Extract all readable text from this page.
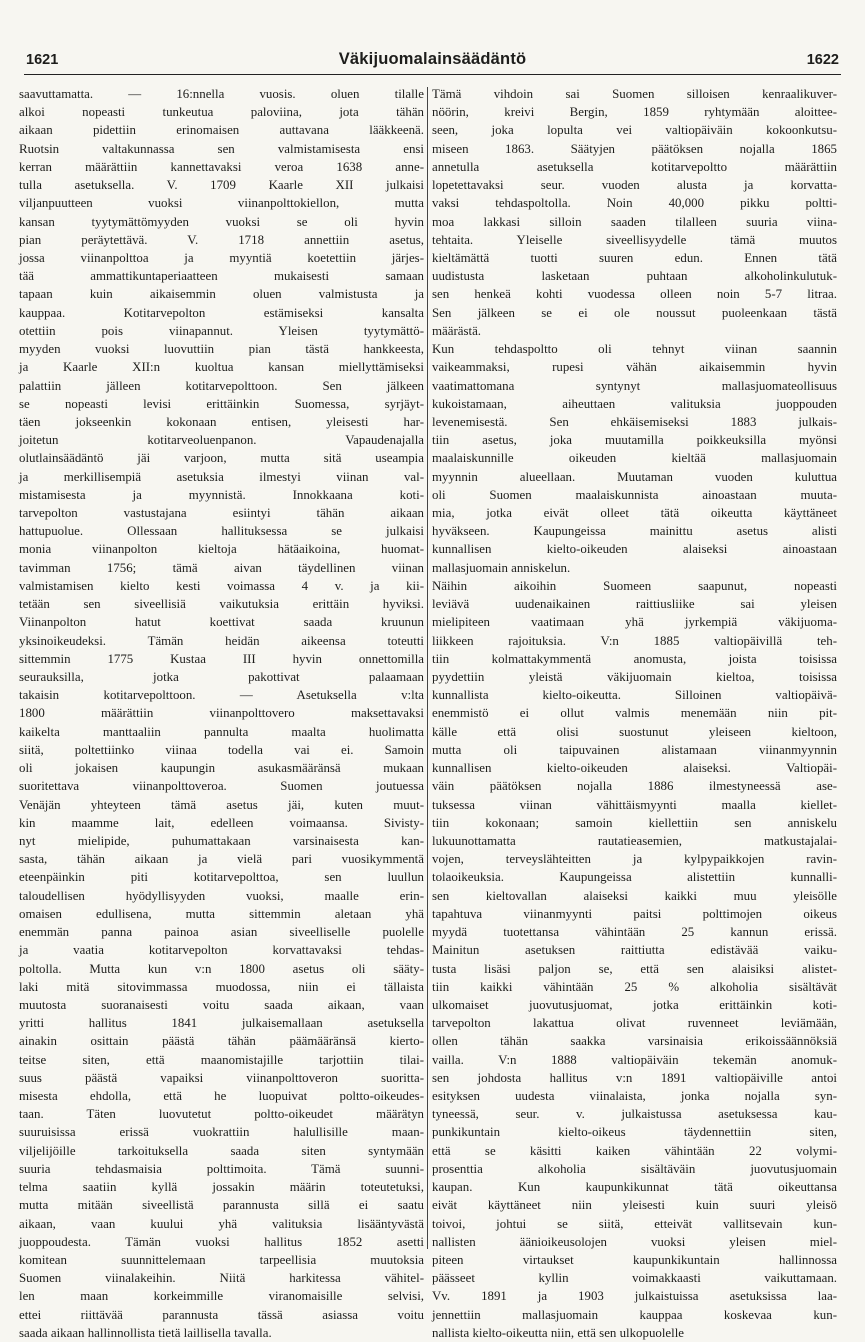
1621	Väkijuomalainsäädäntö	1622
saavuttamatta. — 16:nnella vuosis. oluen tilalle
alkoi nopeasti tunkeutua paloviina, jota tähän
aikaan pidettiin erinomaisen auttavana lääkkeenä.
Ruotsin valtakunnassa sen valmistamisesta ensi
kerran määrättiin kannettavaksi veroa 1638 anne-
tulla asetuksella. V. 1709 Kaarle XII julkaisi
viljanpuutteen vuoksi viinanpolttokiellon, mutta
kansan tyytymättömyyden vuoksi se oli hyvin
pian peräytettävä. V. 1718 annettiin asetus,
jossa viinanpolttoa ja myyntiä koetettiin järjes-
tää ammattikuntaperiaatteen mukaisesti samaan
tapaan kuin aikaisemmin oluen valmistusta ja
kauppaa. Kotitarvepolton estämiseksi kansalta
otettiin pois viinapannut. Yleisen tyytymättö-
myyden vuoksi luovuttiin pian tästä hankkeesta,
ja Kaarle XII:n kuoltua kansan miellyttämiseksi
palattiin jälleen kotitarvepolttoon. Sen jälkeen
se nopeasti levisi erittäinkin Suomessa, syrjäyt-
täen jokseenkin kokonaan entisen, yleisesti har-
joitetun kotitarveoluenpanon. Vapaudenajalla
olutlainsäädäntö jäi varjoon, mutta sitä useampia
ja merkillisempiä asetuksia ilmestyi viinan val-
mistamisesta ja myynnistä. Innokkaana koti-
tarvepolton vastustajana esiintyi tähän aikaan
hattupuolue. Ollessaan hallituksessa se julkaisi
monia viinanpolton kieltoja hätäaikoina, huomat-
tavimman 1756; tämä aivan täydellinen viinan
valmistamisen kielto kesti voimassa 4 v. ja kii-
tetään sen siveellisiä vaikutuksia erittäin hyviksi.
Viinanpolton hatut koettivat saada kruunun
yksinoikeudeksi. Tämän heidän aikeensa toteutti
sittemmin 1775 Kustaa III hyvin onnettomilla
seurauksilla, jotka pakottivat palaamaan
takaisin kotitarvepolttoon. — Asetuksella v:lta
1800 määrättiin viinanpolttovero maksettavaksi
kaikelta manttaaliin pannulta maalta huolimatta
siitä, poltettiinko viinaa todella vai ei. Samoin
oli jokaisen kaupungin asukasmääränsä mukaan
suoritettava viinanpolttoveroa. Suomen joutuessa
Venäjän yhteyteen tämä asetus jäi, kuten muut-
kin maamme lait, edelleen voimaansa. Sivisty-
nyt mielipide, puhumattakaan varsinaisesta kan-
sasta, tähän aikaan ja vielä pari vuosikymmentä
eteenpäinkin piti kotitarvepolttoa, sen luullun
taloudellisen hyödyllisyyden vuoksi, maalle erin-
omaisen edullisena, mutta sittemmin aletaan yhä
enemmän panna painoa asian siveelliselle puolelle
ja vaatia kotitarvepolton korvattavaksi tehdas-
poltolla. Mutta kun v:n 1800 asetus oli sääty-
laki mitä sitovimmassa muodossa, niin ei tällaista
muutosta suoranaisesti voitu saada aikaan, vaan
yritti hallitus 1841 julkaisemallaan asetuksella
ainakin osittain päästä tähän päämääränsä kierto-
teitse siten, että maanomistajille tarjottiin tilai-
suus päästä vapaiksi viinanpolttoveron suoritta-
misesta ehdolla, että he luopuivat poltto-oikeudes-
taan. Täten luovutetut poltto-oikeudet määrätyn
suuruisissa erissä vuokrattiin halullisille maan-
viljelijöille tarkoituksella saada siten syntymään
suuria tehdasmaisia polttimoita. Tämä suunni-
telma saatiin kyllä jossakin määrin toteutetuksi,
mutta mitään siveellistä parannusta sillä ei saatu
aikaan, vaan kuului yhä valituksia lisääntyvästä
juoppoudesta. Tämän vuoksi hallitus 1852 asetti
komitean suunnittelemaan tarpeellisia muutoksia
Suomen viinalakeihin. Niitä harkitessa vähitel-
len maan korkeimmille viranomaisille selvisi,
ettei riittävää parannusta tässä asiassa voitu
saada aikaan hallinnollista tietä laillisella tavalla.
Tämä vihdoin sai Suomen silloisen kenraalikuver-
nöörin, kreivi Bergin, 1859 ryhtymään aloittee-
seen, joka lopulta vei valtiopäiväin kokoonkutsu-
miseen 1863. Säätyjen päätöksen nojalla 1865
annetulla asetuksella kotitarvepoltto määrättiin
lopetettavaksi seur. vuoden alusta ja korvatta-
vaksi tehdaspoltolla. Noin 40,000 pikku poltti-
moa lakkasi silloin saaden tilalleen suuria viina-
tehtaita. Yleiselle siveellisyydelle tämä muutos
kieltämättä tuotti suuren edun. Ennen tätä
uudistusta lasketaan puhtaan alkoholinkulutuk-
sen henkeä kohti vuodessa olleen noin 5-7 litraa.
Sen jälkeen se ei ole noussut puoleenkaan tästä
määrästä.
Kun tehdaspoltto oli tehnyt viinan saannin
vaikeammaksi, rupesi vähän aikaisemmin hyvin
vaatimattomana syntynyt mallasjuomateollisuus
kukoistamaan, aiheuttaen valituksia juoppouden
levenemisestä. Sen ehkäisemiseksi 1883 julkais-
tiin asetus, joka muutamilla poikkeuksilla myönsi
maalaiskunnille oikeuden kieltää mallasjuomain
myynnin alueellaan. Muutaman vuoden kuluttua
oli Suomen maalaiskunnista ainoastaan muuta-
mia, jotka eivät olleet tätä oikeutta käyttäneet
hyväkseen. Kaupungeissa mainittu asetus alisti
kunnallisen kielto-oikeuden alaiseksi ainoastaan
mallasjuomain anniskelun.
Näihin aikoihin Suomeen saapunut, nopeasti
leviävä uudenaikainen raittiusliike sai yleisen
mielipiteen vaatimaan yhä jyrkempiä väkijuoma-
liikkeen rajoituksia. V:n 1885 valtiopäivillä teh-
tiin kolmattakymmentä anomusta, joista toisissa
pyydettiin yleistä väkijuomain kieltoa, toisissa
kunnallista kielto-oikeutta. Silloinen valtiopäivä-
enemmistö ei ollut valmis menemään niin pit-
källe että olisi suostunut yleiseen kieltoon,
mutta oli taipuvainen alistamaan viinanmyynnin
kunnallisen kielto-oikeuden alaiseksi. Valtiopäi-
väin päätöksen nojalla 1886 ilmestyneessä ase-
tuksessa viinan vähittäismyynti maalla kiellet-
tiin kokonaan; samoin kiellettiin sen anniskelu
lukuunottamatta rautatieasemien, matkustajalai-
vojen, terveyslähteitten ja kylpypaikkojen ravin-
tolaoikeuksia. Kaupungeissa alistettiin kunnalli-
sen kieltovallan alaiseksi kaikki muu yleisölle
tapahtuva viinanmyynti paitsi polttimojen oikeus
myydä tuotettansa vähintään 25 kannun erissä.
Mainitun asetuksen raittiutta edistävää vaiku-
tusta lisäsi paljon se, että sen alaisiksi alistet-
tiin kaikki vähintään 25 % alkoholia sisältävät
ulkomaiset juovutusjuomat, jotka erittäinkin koti-
tarvepolton lakattua olivat ruvenneet leviämään,
ollen tähän saakka varsinaisia erikoissäännöksiä
vailla. V:n 1888 valtiopäiväin tekemän anomuk-
sen johdosta hallitus v:n 1891 valtiopäiville antoi
esityksen uudesta viinalaista, jonka nojalla syn-
tyneessä, seur. v. julkaistussa asetuksessa kau-
punkikuntain kielto-oikeus täydennettiin siten,
että se käsitti kaiken vähintään 22 volymi-
prosenttia alkoholia sisältäväin juovutusjuomain
kaupan. Kun kaupunkikunnat tätä oikeuttansa
eivät käyttäneet niin yleisesti kuin suuri yleisö
toivoi, johtui se siitä, etteivät vallitsevain kun-
nallisten äänioikeusolojen vuoksi yleisen miel-
piteen virtaukset kaupunkikuntain hallinnossa
päässeet kyllin voimakkaasti vaikuttamaan.
Vv. 1891 ja 1903 julkaistuissa asetuksissa laa-
jennettiin mallasjuomain kauppaa koskevaa kun-
nallista kielto-oikeutta niin, että sen ulkopuolelle
